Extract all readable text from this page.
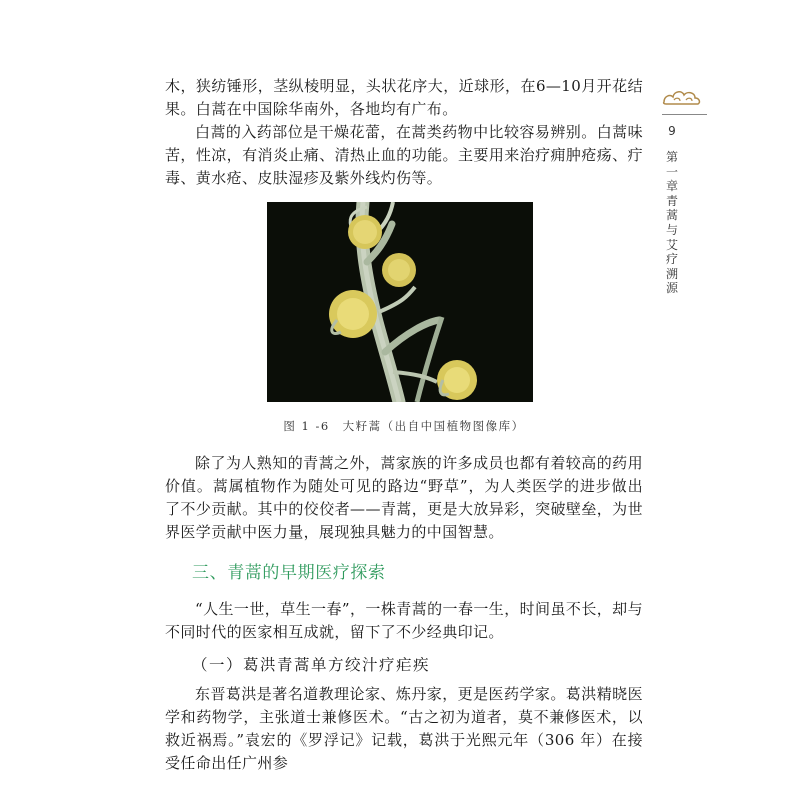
木，狭纺锤形，茎纵棱明显，头状花序大，近球形，在6—10月开花结果。白蒿在中国除华南外，各地均有广布。

白蒿的入药部位是干燥花蕾，在蒿类药物中比较容易辨别。白蒿味苦，性凉，有消炎止痛、清热止血的功能。主要用来治疗痈肿疮疡、疔毒、黄水疮、皮肤湿疹及紫外线灼伤等。

图 1 -6　大籽蒿（出自中国植物图像库）

除了为人熟知的青蒿之外，蒿家族的许多成员也都有着较高的药用价值。蒿属植物作为随处可见的路边“野草”，为人类医学的进步做出了不少贡献。其中的佼佼者——青蒿，更是大放异彩，突破壁垒，为世界医学贡献中医力量，展现独具魅力的中国智慧。

三、青蒿的早期医疗探索

“人生一世，草生一春”，一株青蒿的一春一生，时间虽不长，却与不同时代的医家相互成就，留下了不少经典印记。

（一）葛洪青蒿单方绞汁疗疟疾

东晋葛洪是著名道教理论家、炼丹家，更是医药学家。葛洪精晓医学和药物学，主张道士兼修医术。“古之初为道者，莫不兼修医术，以救近祸焉。”袁宏的《罗浮记》记载，葛洪于光熙元年（306 年）在接受任命出任广州参

9
第一章 青蒿与艾疗溯源
